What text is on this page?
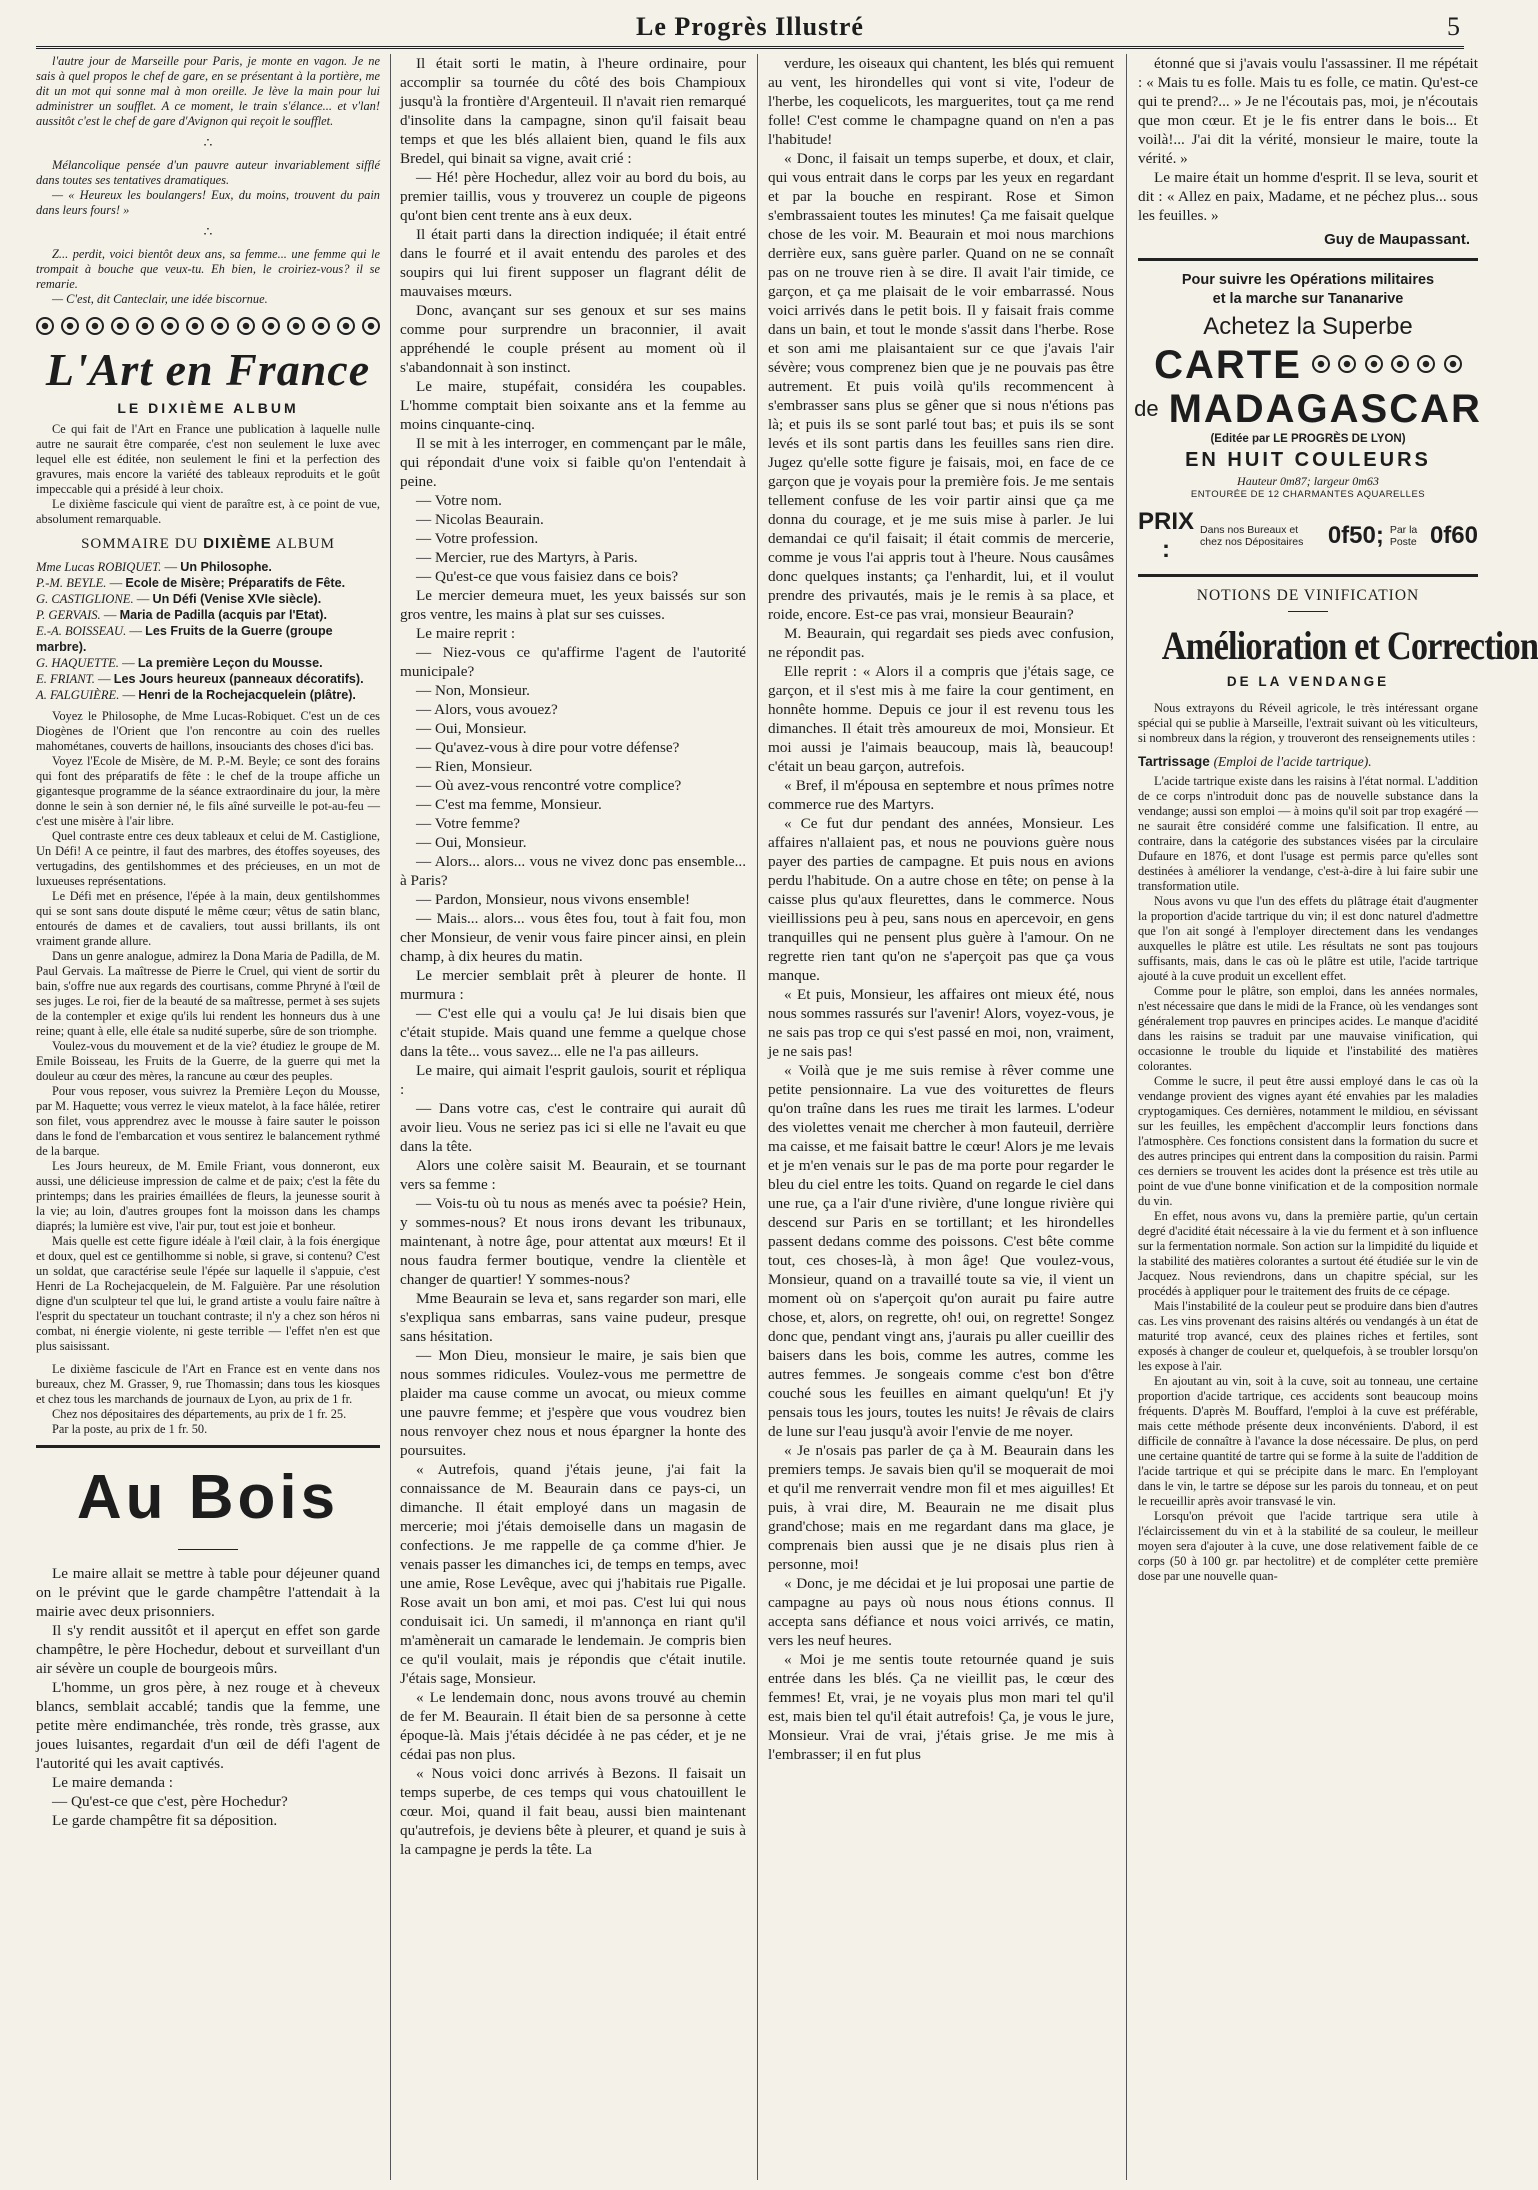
Le Progrès Illustré	5

l'autre jour de Marseille pour Paris, je monte en vagon. Je ne sais à quel propos le chef de gare, en se présentant à la portière, me dit un mot qui sonne mal à mon oreille. Je lève la main pour lui administrer un soufflet. A ce moment, le train s'élance... et v'lan! aussitôt c'est le chef de gare d'Avignon qui reçoit le soufflet.

∴

Mélancolique pensée d'un pauvre auteur invariablement sifflé dans toutes ses tentatives dramatiques.

— « Heureux les boulangers! Eux, du moins, trouvent du pain dans leurs fours! »

∴

Z... perdit, voici bientôt deux ans, sa femme... une femme qui le trompait à bouche que veux-tu. Eh bien, le croiriez-vous? il se remarie.

— C'est, dit Canteclair, une idée biscornue.

L'Art en France
LE DIXIÈME ALBUM

Ce qui fait de l'Art en France une publication à laquelle nulle autre ne saurait être comparée, c'est non seulement le luxe avec lequel elle est éditée, non seulement le fini et la perfection des gravures, mais encore la variété des tableaux reproduits et le goût impeccable qui a présidé à leur choix.

Le dixième fascicule qui vient de paraître est, à ce point de vue, absolument remarquable.

SOMMAIRE DU DIXIÈME ALBUM

Mme Lucas ROBIQUET. — Un Philosophe.

P.-M. BEYLE. — Ecole de Misère; Préparatifs de Fête.

G. CASTIGLIONE. — Un Défi (Venise XVIe siècle).

P. GERVAIS. — Maria de Padilla (acquis par l'Etat).

E.-A. BOISSEAU. — Les Fruits de la Guerre (groupe marbre).

G. HAQUETTE. — La première Leçon du Mousse.

E. FRIANT. — Les Jours heureux (panneaux décoratifs).

A. FALGUIÈRE. — Henri de la Rochejacquelein (plâtre).

Voyez le Philosophe, de Mme Lucas-Robiquet. C'est un de ces Diogènes de l'Orient que l'on rencontre au coin des ruelles mahométanes, couverts de haillons, insouciants des choses d'ici bas.

Voyez l'Ecole de Misère, de M. P.-M. Beyle; ce sont des forains qui font des préparatifs de fête : le chef de la troupe affiche un gigantesque programme de la séance extraordinaire du jour, la mère donne le sein à son dernier né, le fils aîné surveille le pot-au-feu — c'est une misère à l'air libre.

Quel contraste entre ces deux tableaux et celui de M. Castiglione, Un Défi! A ce peintre, il faut des marbres, des étoffes soyeuses, des vertugadins, des gentilshommes et des précieuses, en un mot de luxueuses représentations.

Le Défi met en présence, l'épée à la main, deux gentilshommes qui se sont sans doute disputé le même cœur; vêtus de satin blanc, entourés de dames et de cavaliers, tout aussi brillants, ils ont vraiment grande allure.

Dans un genre analogue, admirez la Dona Maria de Padilla, de M. Paul Gervais. La maîtresse de Pierre le Cruel, qui vient de sortir du bain, s'offre nue aux regards des courtisans, comme Phryné à l'œil de ses juges. Le roi, fier de la beauté de sa maîtresse, permet à ses sujets de la contempler et exige qu'ils lui rendent les honneurs dus à une reine; quant à elle, elle étale sa nudité superbe, sûre de son triomphe.

Voulez-vous du mouvement et de la vie? étudiez le groupe de M. Emile Boisseau, les Fruits de la Guerre, de la guerre qui met la douleur au cœur des mères, la rancune au cœur des peuples.

Pour vous reposer, vous suivrez la Première Leçon du Mousse, par M. Haquette; vous verrez le vieux matelot, à la face hâlée, retirer son filet, vous apprendrez avec le mousse à faire sauter le poisson dans le fond de l'embarcation et vous sentirez le balancement rythmé de la barque.

Les Jours heureux, de M. Emile Friant, vous donneront, eux aussi, une délicieuse impression de calme et de paix; c'est la fête du printemps; dans les prairies émaillées de fleurs, la jeunesse sourit à la vie; au loin, d'autres groupes font la moisson dans les champs diaprés; la lumière est vive, l'air pur, tout est joie et bonheur.

Mais quelle est cette figure idéale à l'œil clair, à la fois énergique et doux, quel est ce gentilhomme si noble, si grave, si contenu? C'est un soldat, que caractérise seule l'épée sur laquelle il s'appuie, c'est Henri de La Rochejacquelein, de M. Falguière. Par une résolution digne d'un sculpteur tel que lui, le grand artiste a voulu faire naître à l'esprit du spectateur un touchant contraste; il n'y a chez son héros ni combat, ni énergie violente, ni geste terrible — l'effet n'en est que plus saisissant.

Le dixième fascicule de l'Art en France est en vente dans nos bureaux, chez M. Grasser, 9, rue Thomassin; dans tous les kiosques et chez tous les marchands de journaux de Lyon, au prix de 1 fr.

Chez nos dépositaires des départements, au prix de 1 fr. 25.

Par la poste, au prix de 1 fr. 50.

Au Bois

Le maire allait se mettre à table pour déjeuner quand on le prévint que le garde champêtre l'attendait à la mairie avec deux prisonniers.

Il s'y rendit aussitôt et il aperçut en effet son garde champêtre, le père Hochedur, debout et surveillant d'un air sévère un couple de bourgeois mûrs.

L'homme, un gros père, à nez rouge et à cheveux blancs, semblait accablé; tandis que la femme, une petite mère endimanchée, très ronde, très grasse, aux joues luisantes, regardait d'un œil de défi l'agent de l'autorité qui les avait captivés.

Le maire demanda :

— Qu'est-ce que c'est, père Hochedur?

Le garde champêtre fit sa déposition.

Il était sorti le matin, à l'heure ordinaire, pour accomplir sa tournée du côté des bois Champioux jusqu'à la frontière d'Argenteuil. Il n'avait rien remarqué d'insolite dans la campagne, sinon qu'il faisait beau temps et que les blés allaient bien, quand le fils aux Bredel, qui binait sa vigne, avait crié :

— Hé! père Hochedur, allez voir au bord du bois, au premier taillis, vous y trouverez un couple de pigeons qu'ont bien cent trente ans à eux deux.

Il était parti dans la direction indiquée; il était entré dans le fourré et il avait entendu des paroles et des soupirs qui lui firent supposer un flagrant délit de mauvaises mœurs.

Donc, avançant sur ses genoux et sur ses mains comme pour surprendre un braconnier, il avait appréhendé le couple présent au moment où il s'abandonnait à son instinct.

Le maire, stupéfait, considéra les coupables. L'homme comptait bien soixante ans et la femme au moins cinquante-cinq.

Il se mit à les interroger, en commençant par le mâle, qui répondait d'une voix si faible qu'on l'entendait à peine.

— Votre nom.

— Nicolas Beaurain.

— Votre profession.

— Mercier, rue des Martyrs, à Paris.

— Qu'est-ce que vous faisiez dans ce bois?

Le mercier demeura muet, les yeux baissés sur son gros ventre, les mains à plat sur ses cuisses.

Le maire reprit :

— Niez-vous ce qu'affirme l'agent de l'autorité municipale?

— Non, Monsieur.

— Alors, vous avouez?

— Oui, Monsieur.

— Qu'avez-vous à dire pour votre défense?

— Rien, Monsieur.

— Où avez-vous rencontré votre complice?

— C'est ma femme, Monsieur.

— Votre femme?

— Oui, Monsieur.

— Alors... alors... vous ne vivez donc pas ensemble... à Paris?

— Pardon, Monsieur, nous vivons ensemble!

— Mais... alors... vous êtes fou, tout à fait fou, mon cher Monsieur, de venir vous faire pincer ainsi, en plein champ, à dix heures du matin.

Le mercier semblait prêt à pleurer de honte. Il murmura :

— C'est elle qui a voulu ça! Je lui disais bien que c'était stupide. Mais quand une femme a quelque chose dans la tête... vous savez... elle ne l'a pas ailleurs.

Le maire, qui aimait l'esprit gaulois, sourit et répliqua :

— Dans votre cas, c'est le contraire qui aurait dû avoir lieu. Vous ne seriez pas ici si elle ne l'avait eu que dans la tête.

Alors une colère saisit M. Beaurain, et se tournant vers sa femme :

— Vois-tu où tu nous as menés avec ta poésie? Hein, y sommes-nous? Et nous irons devant les tribunaux, maintenant, à notre âge, pour attentat aux mœurs! Et il nous faudra fermer boutique, vendre la clientèle et changer de quartier! Y sommes-nous?

Mme Beaurain se leva et, sans regarder son mari, elle s'expliqua sans embarras, sans vaine pudeur, presque sans hésitation.

— Mon Dieu, monsieur le maire, je sais bien que nous sommes ridicules. Voulez-vous me permettre de plaider ma cause comme un avocat, ou mieux comme une pauvre femme; et j'espère que vous voudrez bien nous renvoyer chez nous et nous épargner la honte des poursuites.

« Autrefois, quand j'étais jeune, j'ai fait la connaissance de M. Beaurain dans ce pays-ci, un dimanche. Il était employé dans un magasin de mercerie; moi j'étais demoiselle dans un magasin de confections. Je me rappelle de ça comme d'hier. Je venais passer les dimanches ici, de temps en temps, avec une amie, Rose Levêque, avec qui j'habitais rue Pigalle. Rose avait un bon ami, et moi pas. C'est lui qui nous conduisait ici. Un samedi, il m'annonça en riant qu'il m'amènerait un camarade le lendemain. Je compris bien ce qu'il voulait, mais je répondis que c'était inutile. J'étais sage, Monsieur.

« Le lendemain donc, nous avons trouvé au chemin de fer M. Beaurain. Il était bien de sa personne à cette époque-là. Mais j'étais décidée à ne pas céder, et je ne cédai pas non plus.

« Nous voici donc arrivés à Bezons. Il faisait un temps superbe, de ces temps qui vous chatouillent le cœur. Moi, quand il fait beau, aussi bien maintenant qu'autrefois, je deviens bête à pleurer, et quand je suis à la campagne je perds la tête. La

verdure, les oiseaux qui chantent, les blés qui remuent au vent, les hirondelles qui vont si vite, l'odeur de l'herbe, les coquelicots, les marguerites, tout ça me rend folle! C'est comme le champagne quand on n'en a pas l'habitude!

« Donc, il faisait un temps superbe, et doux, et clair, qui vous entrait dans le corps par les yeux en regardant et par la bouche en respirant. Rose et Simon s'embrassaient toutes les minutes! Ça me faisait quelque chose de les voir. M. Beaurain et moi nous marchions derrière eux, sans guère parler. Quand on ne se connaît pas on ne trouve rien à se dire. Il avait l'air timide, ce garçon, et ça me plaisait de le voir embarrassé. Nous voici arrivés dans le petit bois. Il y faisait frais comme dans un bain, et tout le monde s'assit dans l'herbe. Rose et son ami me plaisantaient sur ce que j'avais l'air sévère; vous comprenez bien que je ne pouvais pas être autrement. Et puis voilà qu'ils recommencent à s'embrasser sans plus se gêner que si nous n'étions pas là; et puis ils se sont parlé tout bas; et puis ils se sont levés et ils sont partis dans les feuilles sans rien dire. Jugez qu'elle sotte figure je faisais, moi, en face de ce garçon que je voyais pour la première fois. Je me sentais tellement confuse de les voir partir ainsi que ça me donna du courage, et je me suis mise à parler. Je lui demandai ce qu'il faisait; il était commis de mercerie, comme je vous l'ai appris tout à l'heure. Nous causâmes donc quelques instants; ça l'enhardit, lui, et il voulut prendre des privautés, mais je le remis à sa place, et roide, encore. Est-ce pas vrai, monsieur Beaurain?

M. Beaurain, qui regardait ses pieds avec confusion, ne répondit pas.

Elle reprit : « Alors il a compris que j'étais sage, ce garçon, et il s'est mis à me faire la cour gentiment, en honnête homme. Depuis ce jour il est revenu tous les dimanches. Il était très amoureux de moi, Monsieur. Et moi aussi je l'aimais beaucoup, mais là, beaucoup! c'était un beau garçon, autrefois.

« Bref, il m'épousa en septembre et nous prîmes notre commerce rue des Martyrs.

« Ce fut dur pendant des années, Monsieur. Les affaires n'allaient pas, et nous ne pouvions guère nous payer des parties de campagne. Et puis nous en avions perdu l'habitude. On a autre chose en tête; on pense à la caisse plus qu'aux fleurettes, dans le commerce. Nous vieillissions peu à peu, sans nous en apercevoir, en gens tranquilles qui ne pensent plus guère à l'amour. On ne regrette rien tant qu'on ne s'aperçoit pas que ça vous manque.

« Et puis, Monsieur, les affaires ont mieux été, nous nous sommes rassurés sur l'avenir! Alors, voyez-vous, je ne sais pas trop ce qui s'est passé en moi, non, vraiment, je ne sais pas!

« Voilà que je me suis remise à rêver comme une petite pensionnaire. La vue des voiturettes de fleurs qu'on traîne dans les rues me tirait les larmes. L'odeur des violettes venait me chercher à mon fauteuil, derrière ma caisse, et me faisait battre le cœur! Alors je me levais et je m'en venais sur le pas de ma porte pour regarder le bleu du ciel entre les toits. Quand on regarde le ciel dans une rue, ça a l'air d'une rivière, d'une longue rivière qui descend sur Paris en se tortillant; et les hirondelles passent dedans comme des poissons. C'est bête comme tout, ces choses-là, à mon âge! Que voulez-vous, Monsieur, quand on a travaillé toute sa vie, il vient un moment où on s'aperçoit qu'on aurait pu faire autre chose, et, alors, on regrette, oh! oui, on regrette! Songez donc que, pendant vingt ans, j'aurais pu aller cueillir des baisers dans les bois, comme les autres, comme les autres femmes. Je songeais comme c'est bon d'être couché sous les feuilles en aimant quelqu'un! Et j'y pensais tous les jours, toutes les nuits! Je rêvais de clairs de lune sur l'eau jusqu'à avoir l'envie de me noyer.

« Je n'osais pas parler de ça à M. Beaurain dans les premiers temps. Je savais bien qu'il se moquerait de moi et qu'il me renverrait vendre mon fil et mes aiguilles! Et puis, à vrai dire, M. Beaurain ne me disait plus grand'chose; mais en me regardant dans ma glace, je comprenais bien aussi que je ne disais plus rien à personne, moi!

« Donc, je me décidai et je lui proposai une partie de campagne au pays où nous nous étions connus. Il accepta sans défiance et nous voici arrivés, ce matin, vers les neuf heures.

« Moi je me sentis toute retournée quand je suis entrée dans les blés. Ça ne vieillit pas, le cœur des femmes! Et, vrai, je ne voyais plus mon mari tel qu'il est, mais bien tel qu'il était autrefois! Ça, je vous le jure, Monsieur. Vrai de vrai, j'étais grise. Je me mis à l'embrasser; il en fut plus

étonné que si j'avais voulu l'assassiner. Il me répétait : « Mais tu es folle. Mais tu es folle, ce matin. Qu'est-ce qui te prend?... » Je ne l'écoutais pas, moi, je n'écoutais que mon cœur. Et je le fis entrer dans le bois... Et voilà!... J'ai dit la vérité, monsieur le maire, toute la vérité. »

Le maire était un homme d'esprit. Il se leva, sourit et dit : « Allez en paix, Madame, et ne péchez plus... sous les feuilles. »

Guy de Maupassant.
Pour suivre les Opérations militaires
et la marche sur Tananarive
Achetez la Superbe
CARTE
de MADAGASCAR
(Editée par LE PROGRÈS DE LYON)
EN HUIT COULEURS
Hauteur 0m87; largeur 0m63
ENTOURÉE DE 12 CHARMANTES AQUARELLES
PRIX :
Dans nos Bureaux et chez nos Dépositaires	0f50; Par la Poste 0f60
NOTIONS DE VINIFICATION
Amélioration et Correction
DE LA VENDANGE

Nous extrayons du Réveil agricole, le très intéressant organe spécial qui se publie à Marseille, l'extrait suivant où les viticulteurs, si nombreux dans la région, y trouveront des renseignements utiles :

Tartrissage (Emploi de l'acide tartrique).

L'acide tartrique existe dans les raisins à l'état normal. L'addition de ce corps n'introduit donc pas de nouvelle substance dans la vendange; aussi son emploi — à moins qu'il soit par trop exagéré — ne saurait être considéré comme une falsification. Il entre, au contraire, dans la catégorie des substances visées par la circulaire Dufaure en 1876, et dont l'usage est permis parce qu'elles sont destinées à améliorer la vendange, c'est-à-dire à lui faire subir une transformation utile.

Nous avons vu que l'un des effets du plâtrage était d'augmenter la proportion d'acide tartrique du vin; il est donc naturel d'admettre que l'on ait songé à l'employer directement dans les vendanges auxquelles le plâtre est utile. Les résultats ne sont pas toujours suffisants, mais, dans le cas où le plâtre est utile, l'acide tartrique ajouté à la cuve produit un excellent effet.

Comme pour le plâtre, son emploi, dans les années normales, n'est nécessaire que dans le midi de la France, où les vendanges sont généralement trop pauvres en principes acides. Le manque d'acidité dans les raisins se traduit par une mauvaise vinification, qui occasionne le trouble du liquide et l'instabilité des matières colorantes.

Comme le sucre, il peut être aussi employé dans le cas où la vendange provient des vignes ayant été envahies par les maladies cryptogamiques. Ces dernières, notamment le mildiou, en sévissant sur les feuilles, les empêchent d'accomplir leurs fonctions dans l'atmosphère. Ces fonctions consistent dans la formation du sucre et des autres principes qui entrent dans la composition du raisin. Parmi ces derniers se trouvent les acides dont la présence est très utile au point de vue d'une bonne vinification et de la composition normale du vin.

En effet, nous avons vu, dans la première partie, qu'un certain degré d'acidité était nécessaire à la vie du ferment et à son influence sur la fermentation normale. Son action sur la limpidité du liquide et la stabilité des matières colorantes a surtout été étudiée sur le vin de Jacquez. Nous reviendrons, dans un chapitre spécial, sur les procédés à appliquer pour le traitement des fruits de ce cépage.

Mais l'instabilité de la couleur peut se produire dans bien d'autres cas. Les vins provenant des raisins altérés ou vendangés à un état de maturité trop avancé, ceux des plaines riches et fertiles, sont exposés à changer de couleur et, quelquefois, à se troubler lorsqu'on les expose à l'air.

En ajoutant au vin, soit à la cuve, soit au tonneau, une certaine proportion d'acide tartrique, ces accidents sont beaucoup moins fréquents. D'après M. Bouffard, l'emploi à la cuve est préférable, mais cette méthode présente deux inconvénients. D'abord, il est difficile de connaître à l'avance la dose nécessaire. De plus, on perd une certaine quantité de tartre qui se forme à la suite de l'addition de l'acide tartrique et qui se précipite dans le marc. En l'employant dans le vin, le tartre se dépose sur les parois du tonneau, et on peut le recueillir après avoir transvasé le vin.

Lorsqu'on prévoit que l'acide tartrique sera utile à l'éclaircissement du vin et à la stabilité de sa couleur, le meilleur moyen sera d'ajouter à la cuve, une dose relativement faible de ce corps (50 à 100 gr. par hectolitre) et de compléter cette première dose par une nouvelle quan-
